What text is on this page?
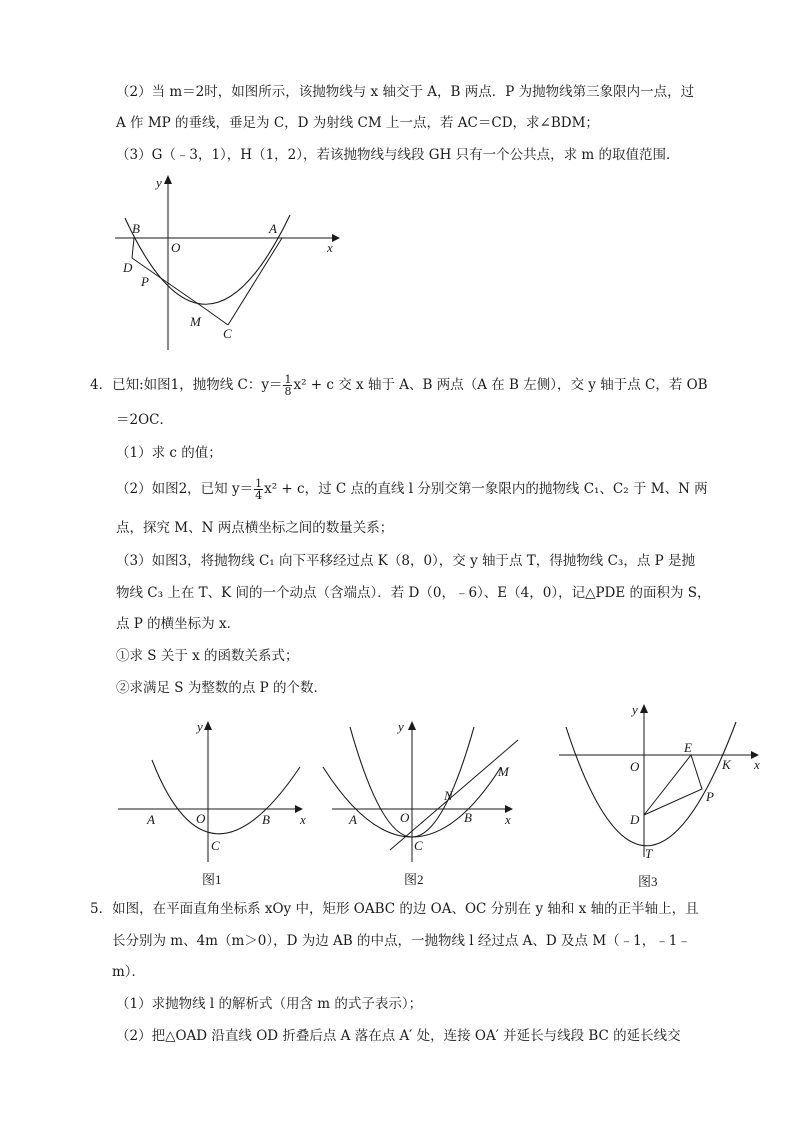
（2）当 m＝2时，如图所示，该抛物线与 x 轴交于 A，B 两点．P 为抛物线第三象限内一点，过
A 作 MP 的垂线，垂足为 C，D 为射线 CM 上一点，若 AC＝CD，求∠BDM；
（3）G（﹣3，1），H（1，2），若该抛物线与线段 GH 只有一个公共点，求 m 的取值范围．
y
x
O
B	A
D
P
M
C
4．已知:如图1，抛物线 C：$y= \frac{1}{8} x^2 + c$ 交 x 轴于 A、B 两点（A 在 B 左侧），交 y 轴于点 C，若 OB
＝2OC．
（1）求 c 的值；
（2）如图2，已知 $y= \frac{1}{4} x^2 + c$，过 C 点的直线 l 分别交第一象限内的抛物线 C₁、C₂ 于 M、N 两
点，探究 M、N 两点横坐标之间的数量关系；
（3）如图3，将抛物线 C₁ 向下平移经过点 K（8，0），交 y 轴于点 T，得抛物线 C₃，点 P 是抛
物线 C₃ 上在 T、K 间的一个动点（含端点）．若 D（0，﹣6）、E（4，0），记△PDE 的面积为 S，
点 P 的横坐标为 x．
①求 S 关于 x 的函数关系式；
②求满足 S 为整数的点 P 的个数．
y
x
O
A	B
C
图1
y
x
O
A	B
C
N
M
图2
y
x
O
E
K
P
D
T
图3
5．如图，在平面直角坐标系 xOy 中，矩形 OABC 的边 OA、OC 分别在 y 轴和 x 轴的正半轴上，且
长分别为 m、4m（m＞0），D 为边 AB 的中点，一抛物线 l 经过点 A、D 及点 M（﹣1，﹣1﹣
m）．
（1）求抛物线 l 的解析式（用含 m 的式子表示）；
（2）把△OAD 沿直线 OD 折叠后点 A 落在点 A′ 处，连接 OA′ 并延长与线段 BC 的延长线交
